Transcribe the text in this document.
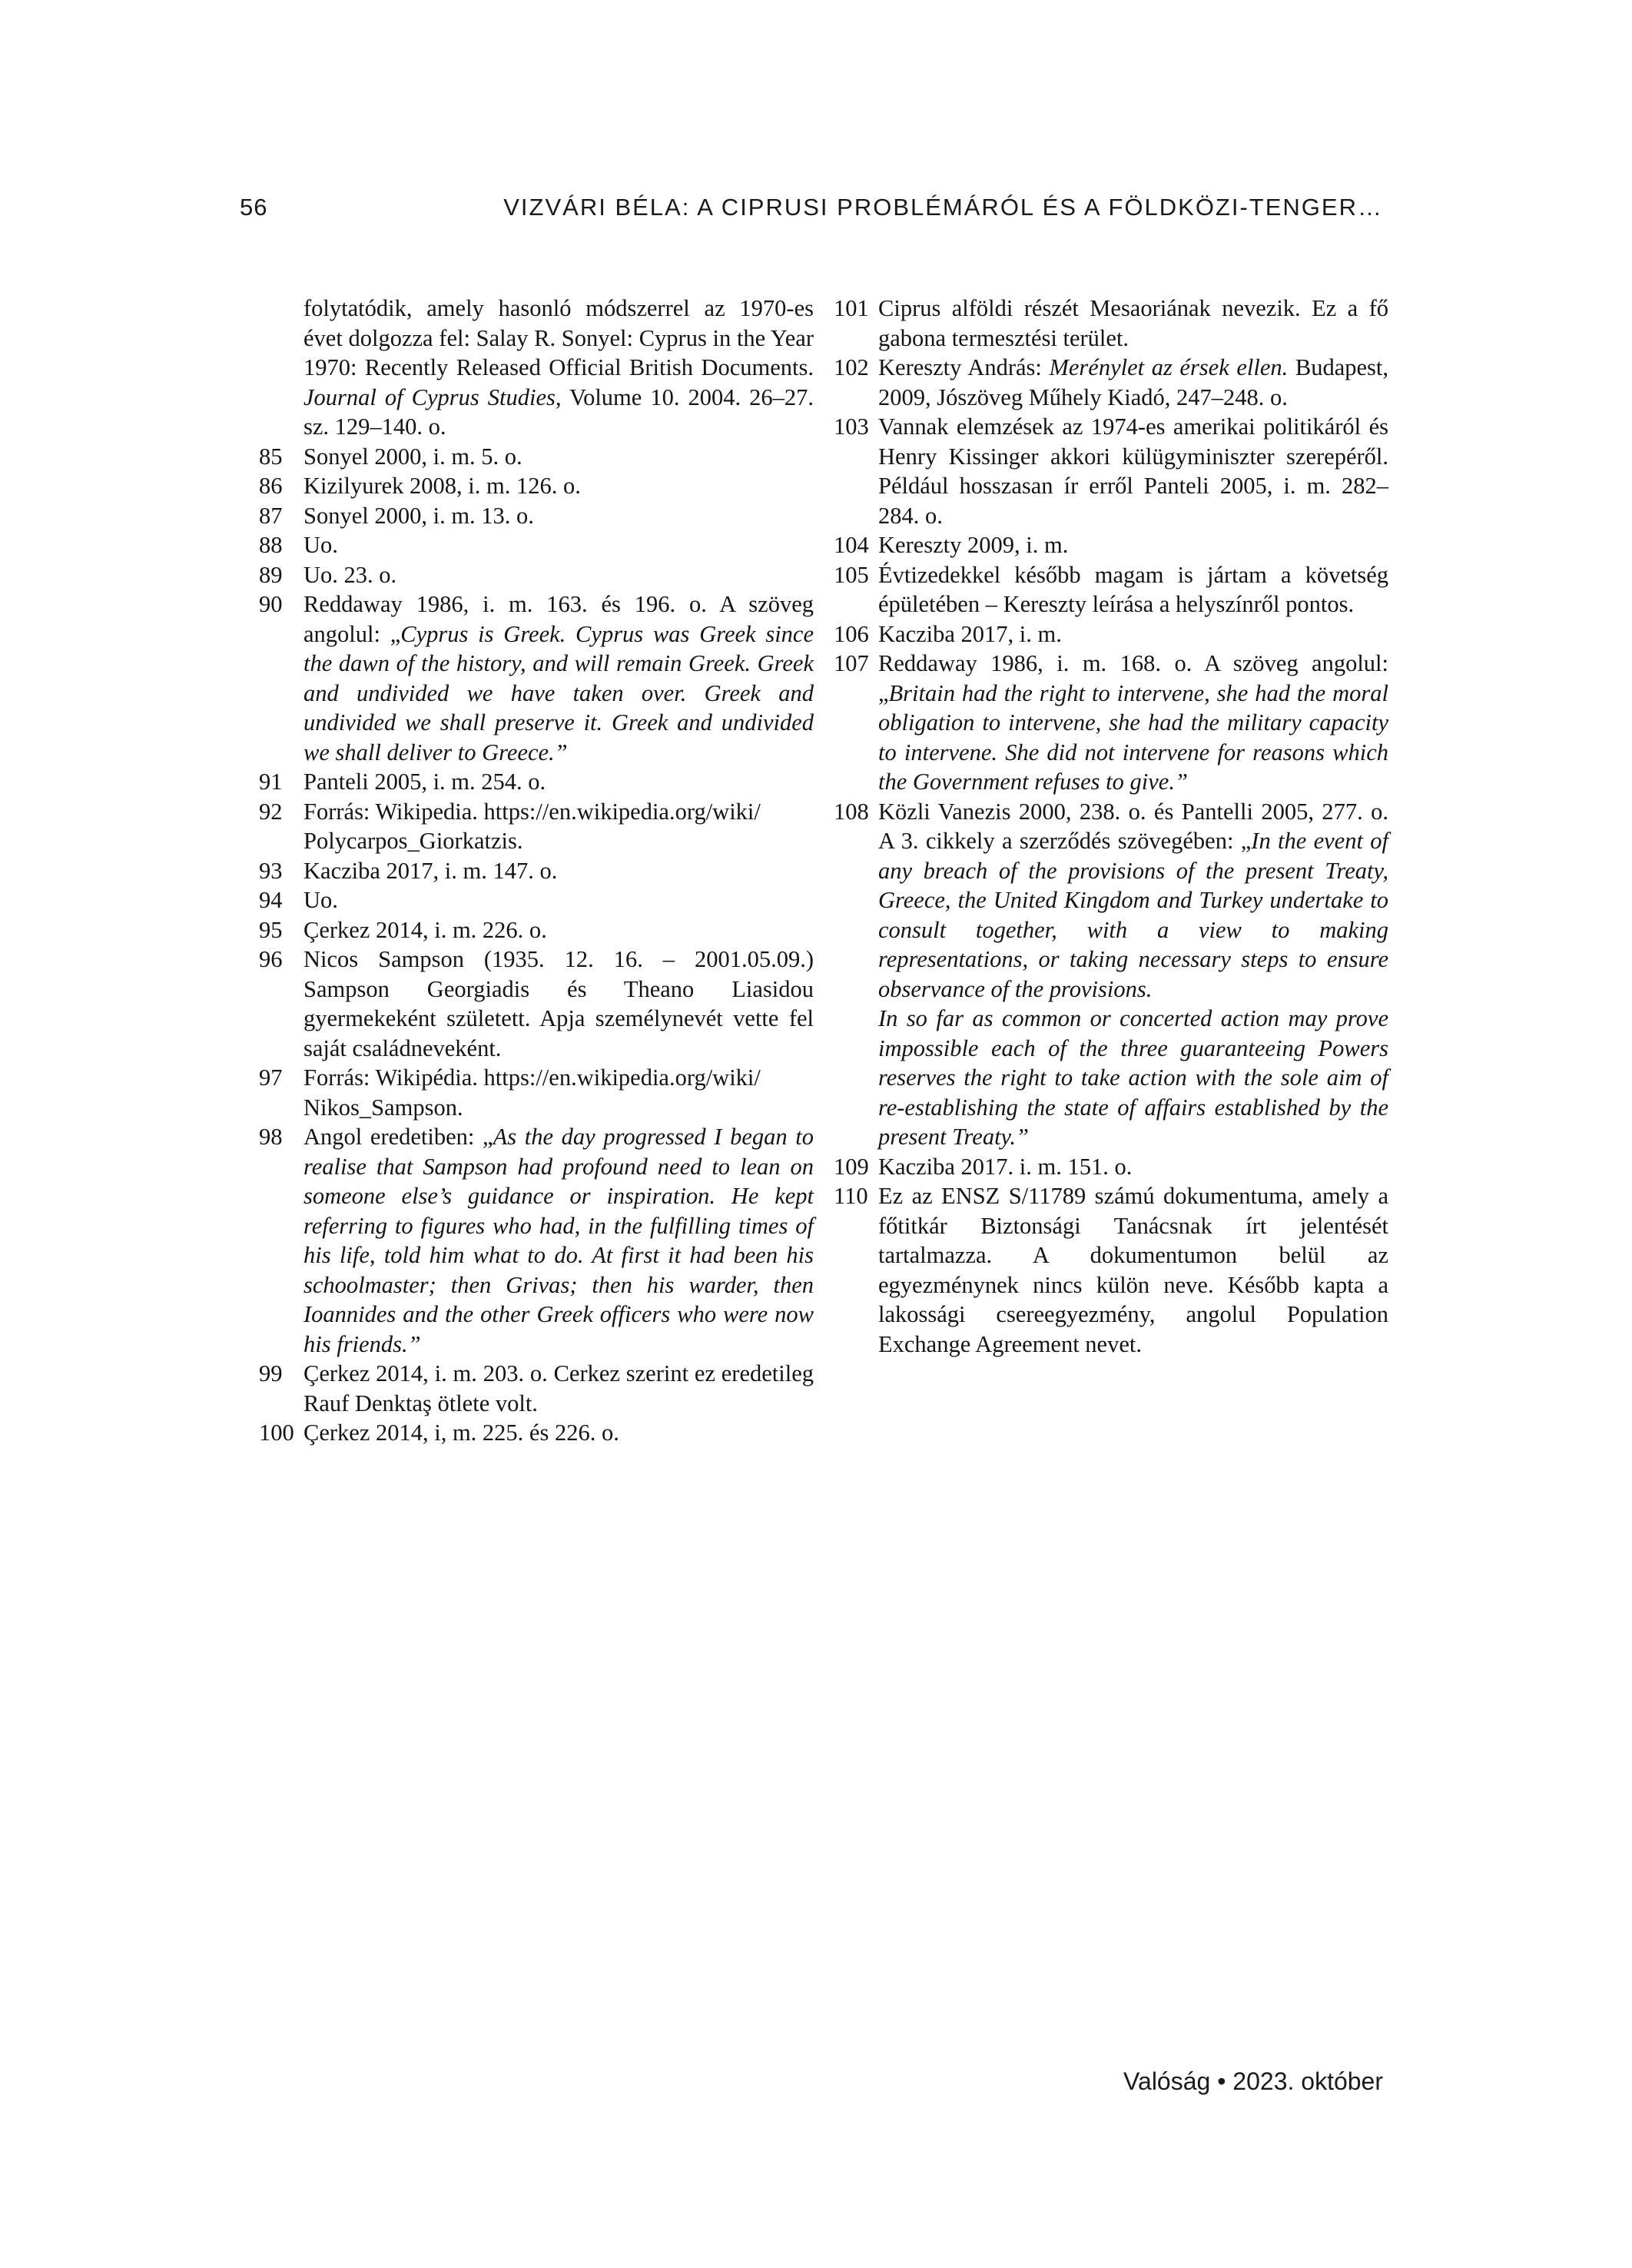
56	VIZVÁRI BÉLA: A CIPRUSI PROBLÉMÁRÓL ÉS A FÖLDKÖZI-TENGER…
folytatódik, amely hasonló módszerrel az 1970-es évet dolgozza fel: Salay R. Sonyel: Cyprus in the Year 1970: Recently Released Official British Documents. Journal of Cyprus Studies, Volume 10. 2004. 26–27. sz. 129–140. o.
85 Sonyel 2000, i. m. 5. o.
86 Kizilyurek 2008, i. m. 126. o.
87 Sonyel 2000, i. m. 13. o.
88 Uo.
89 Uo. 23. o.
90 Reddaway 1986, i. m. 163. és 196. o. A szöveg angolul: „Cyprus is Greek. Cyprus was Greek since the dawn of the history, and will remain Greek. Greek and undivided we have taken over. Greek and undivided we shall preserve it. Greek and undivided we shall deliver to Greece.”
91 Panteli 2005, i. m. 254. o.
92 Forrás: Wikipedia. https://en.wikipedia.org/wiki/
Polycarpos_Giorkatzis.
93 Kacziba 2017, i. m. 147. o.
94 Uo.
95 Çerkez 2014, i. m. 226. o.
96 Nicos Sampson (1935. 12. 16. – 2001.05.09.) Sampson Georgiadis és Theano Liasidou gyermekeként született. Apja személynevét vette fel saját családneveként.
97 Forrás: Wikipédia. https://en.wikipedia.org/wiki/
Nikos_Sampson.
98 Angol eredetiben: „As the day progressed I began to realise that Sampson had profound need to lean on someone else’s guidance or inspiration. He kept referring to figures who had, in the fulfilling times of his life, told him what to do. At first it had been his schoolmaster; then Grivas; then his warder, then Ioannides and the other Greek officers who were now his friends.”
99 Çerkez 2014, i. m. 203. o. Cerkez szerint ez eredetileg Rauf Denktaş ötlete volt.
100 Çerkez 2014, i, m. 225. és 226. o.
101 Ciprus alföldi részét Mesaoriának nevezik. Ez a fő gabona termesztési terület.
102 Kereszty András: Merénylet az érsek ellen. Budapest, 2009, Jószöveg Műhely Kiadó, 247–248. o.
103 Vannak elemzések az 1974-es amerikai politikáról és Henry Kissinger akkori külügyminiszter szerepéről. Például hosszasan ír erről Panteli 2005, i. m. 282–284. o.
104 Kereszty 2009, i. m.
105 Évtizedekkel később magam is jártam a követség épületében – Kereszty leírása a helyszínről pontos.
106 Kacziba 2017, i. m.
107 Reddaway 1986, i. m. 168. o. A szöveg angolul: „Britain had the right to intervene, she had the moral obligation to intervene, she had the military capacity to intervene. She did not intervene for reasons which the Government refuses to give.”
108 Közli Vanezis 2000, 238. o. és Pantelli 2005, 277. o. A 3. cikkely a szerződés szövegében: „In the event of any breach of the provisions of the present Treaty, Greece, the United Kingdom and Turkey undertake to consult together, with a view to making representations, or taking necessary steps to ensure observance of the provisions.
In so far as common or concerted action may prove impossible each of the three guaranteeing Powers reserves the right to take action with the sole aim of re-establishing the state of affairs established by the present Treaty.”
109 Kacziba 2017. i. m. 151. o.
110 Ez az ENSZ S/11789 számú dokumentuma, amely a főtitkár Biztonsági Tanácsnak írt jelentését tartalmazza. A dokumentumon belül az egyezménynek nincs külön neve. Később kapta a lakossági csereegyezmény, angolul Population Exchange Agreement nevet.
Valóság • 2023. október
